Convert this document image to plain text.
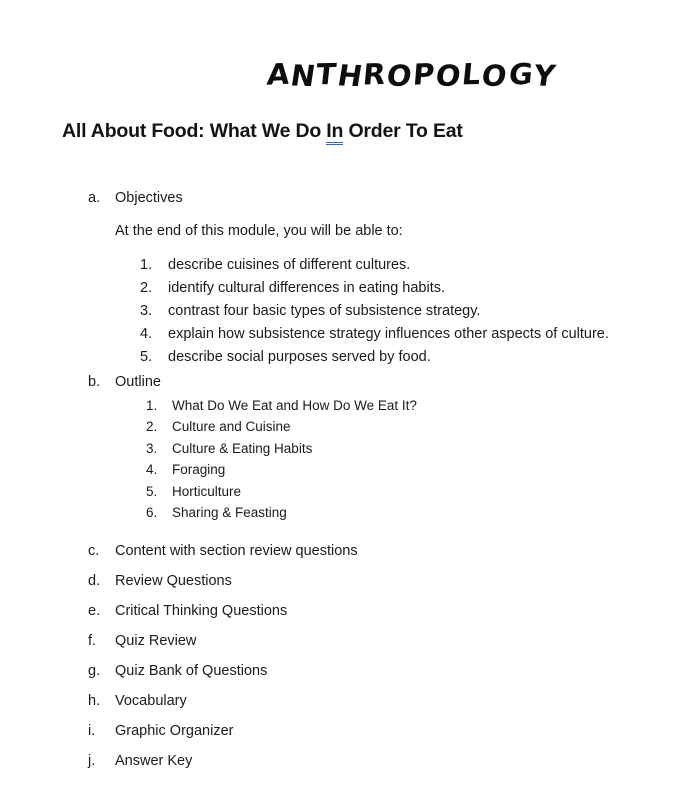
ANTHROPOLOGY
All About Food: What We Do In Order To Eat
a.	Objectives

At the end of this module, you will be able to:

1.	describe cuisines of different cultures.
2.	identify cultural differences in eating habits.
3.	contrast four basic types of subsistence strategy.
4.	explain how subsistence strategy influences other aspects of culture.
5.	describe social purposes served by food.
b.	Outline
1.	What Do We Eat and How Do We Eat It?
2.	Culture and Cuisine
3.	Culture & Eating Habits
4.	Foraging
5.	Horticulture
6.	Sharing & Feasting
c.	Content with section review questions
d.	Review Questions
e.	Critical Thinking Questions
f.	Quiz Review
g.	Quiz Bank of Questions
h.	Vocabulary
i.	Graphic Organizer
j.	Answer Key
